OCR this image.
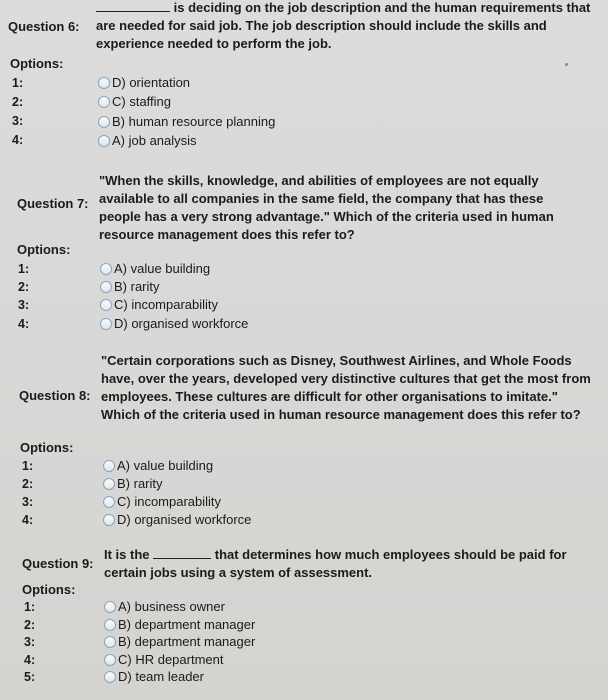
Question 6:
is deciding on the job description and the human requirements that are needed for said job. The job description should include the skills and experience needed to perform the job.
Options:
1:
2:
3:
4:
D) orientation
C) staffing
B) human resource planning
A) job analysis
Question 7:
"When the skills, knowledge, and abilities of employees are not equally available to all companies in the same field, the company that has these people has a very strong advantage." Which of the criteria used in human resource management does this refer to?
Options:
1:
2:
3:
4:
A) value building
B) rarity
C) incomparability
D) organised workforce
Question 8:
"Certain corporations such as Disney, Southwest Airlines, and Whole Foods have, over the years, developed very distinctive cultures that get the most from employees. These cultures are difficult for other organisations to imitate." Which of the criteria used in human resource management does this refer to?
Options:
1:
2:
3:
4:
A) value building
B) rarity
C) incomparability
D) organised workforce
Question 9:
It is the	that determines how much employees should be paid for certain jobs using a system of assessment.
Options:
1:
2:
3:
4:
5:
A) business owner
B) department manager
B) department manager
C) HR department
D) team leader
